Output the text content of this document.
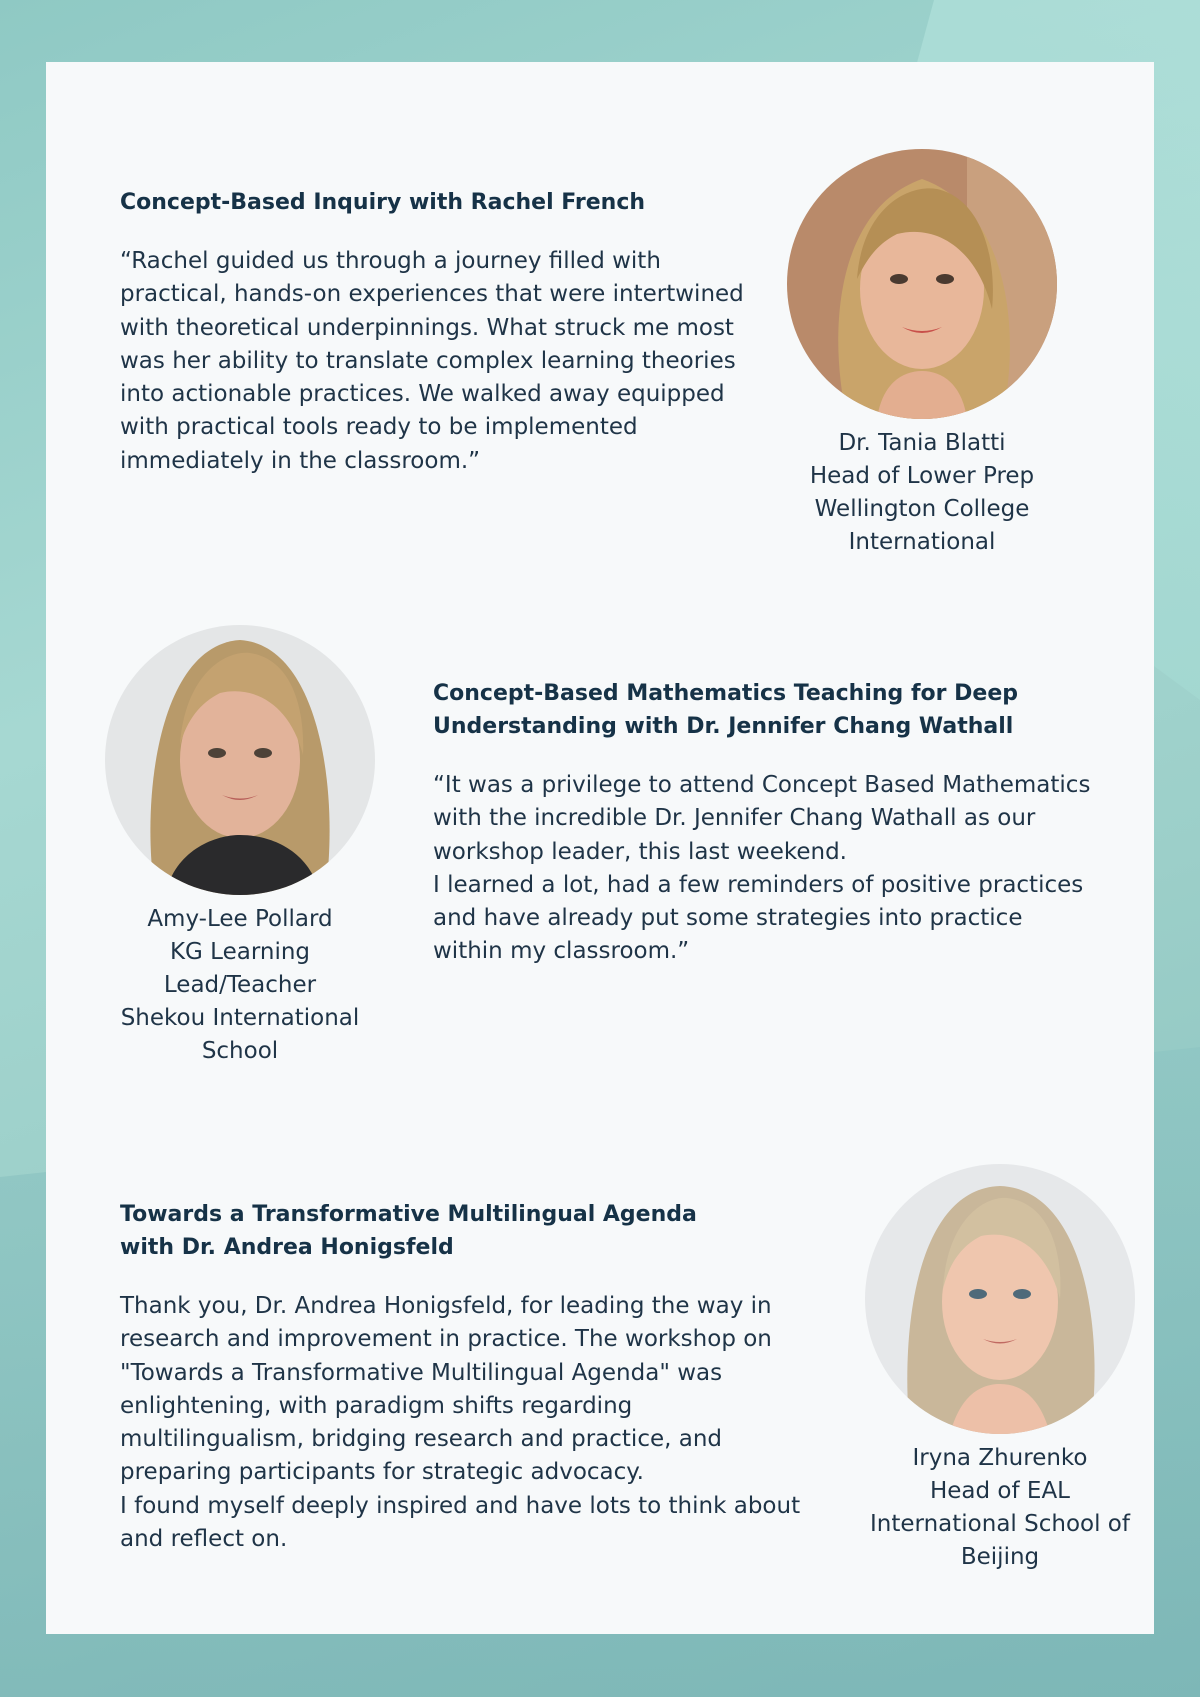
Concept-Based Inquiry with Rachel French

“Rachel guided us through a journey filled with
practical, hands-on experiences that were intertwined
with theoretical underpinnings. What struck me most
was her ability to translate complex learning theories
into actionable practices. We walked away equipped
with practical tools ready to be implemented
immediately in the classroom.”

Dr. Tania Blatti
Head of Lower Prep
Wellington College
International
Amy-Lee Pollard
KG Learning
Lead/Teacher
Shekou International
School
Concept-Based Mathematics Teaching for Deep
Understanding with Dr. Jennifer Chang Wathall

“It was a privilege to attend Concept Based Mathematics
with the incredible Dr. Jennifer Chang Wathall as our
workshop leader, this last weekend.
I learned a lot, had a few reminders of positive practices
and have already put some strategies into practice
within my classroom.”

Towards a Transformative Multilingual Agenda
with Dr. Andrea Honigsfeld

Thank you, Dr. Andrea Honigsfeld, for leading the way in
research and improvement in practice. The workshop on
"Towards a Transformative Multilingual Agenda" was
enlightening, with paradigm shifts regarding
multilingualism, bridging research and practice, and
preparing participants for strategic advocacy.
I found myself deeply inspired and have lots to think about
and reflect on.

Iryna Zhurenko
Head of EAL
International School of
Beijing
